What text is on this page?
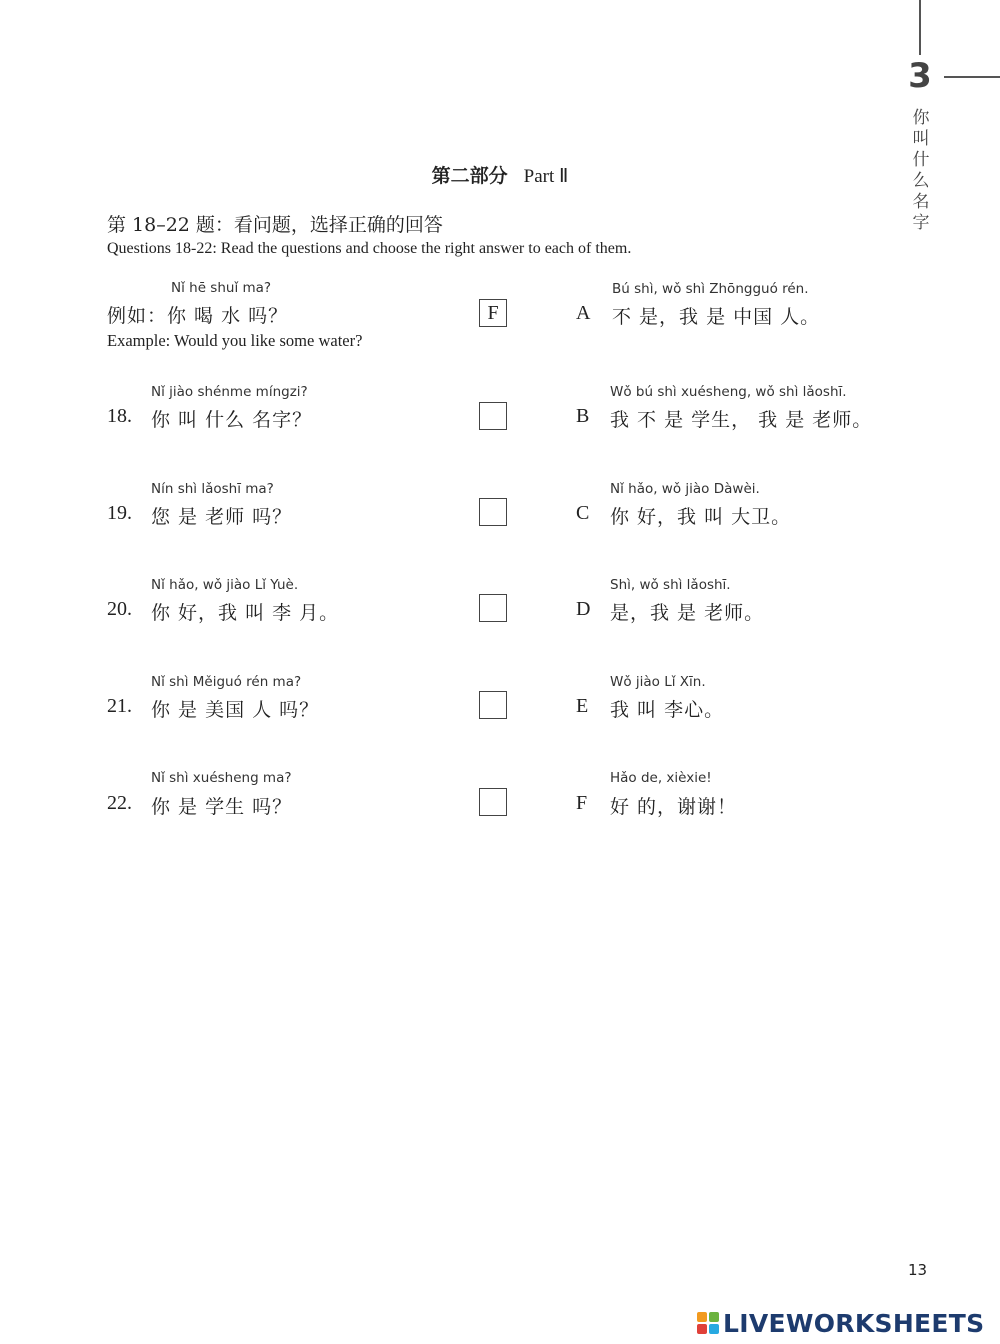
3
你
叫
什
么
名
字
第二部分 Part Ⅱ
第 18–22 题：看问题，选择正确的回答
Questions 18-22: Read the questions and choose the right answer to each of them.
Nǐ hē shuǐ ma?
例如：你 喝 水 吗？
Example: Would you like some water?
F
Nǐ jiào shénme míngzi?
18. 你 叫 什么 名字？
Nín shì lǎoshī ma?
19. 您 是 老师 吗？
Nǐ hǎo, wǒ jiào Lǐ Yuè.
20. 你 好，我 叫 李 月。
Nǐ shì Měiguó rén ma?
21. 你 是 美国 人 吗？
Nǐ shì xuésheng ma?
22. 你 是 学生 吗？
Bú shì, wǒ shì Zhōngguó rén.
A 不 是，我 是 中国 人。
Wǒ bú shì xuésheng, wǒ shì lǎoshī.
B 我 不 是 学生， 我 是 老师。
Nǐ hǎo, wǒ jiào Dàwèi.
C 你 好，我 叫 大卫。
Shì, wǒ shì lǎoshī.
D 是，我 是 老师。
Wǒ jiào Lǐ Xīn.
E 我 叫 李心。
Hǎo de, xièxie!
F 好 的，谢谢！
13
LIVEWORKSHEETS
